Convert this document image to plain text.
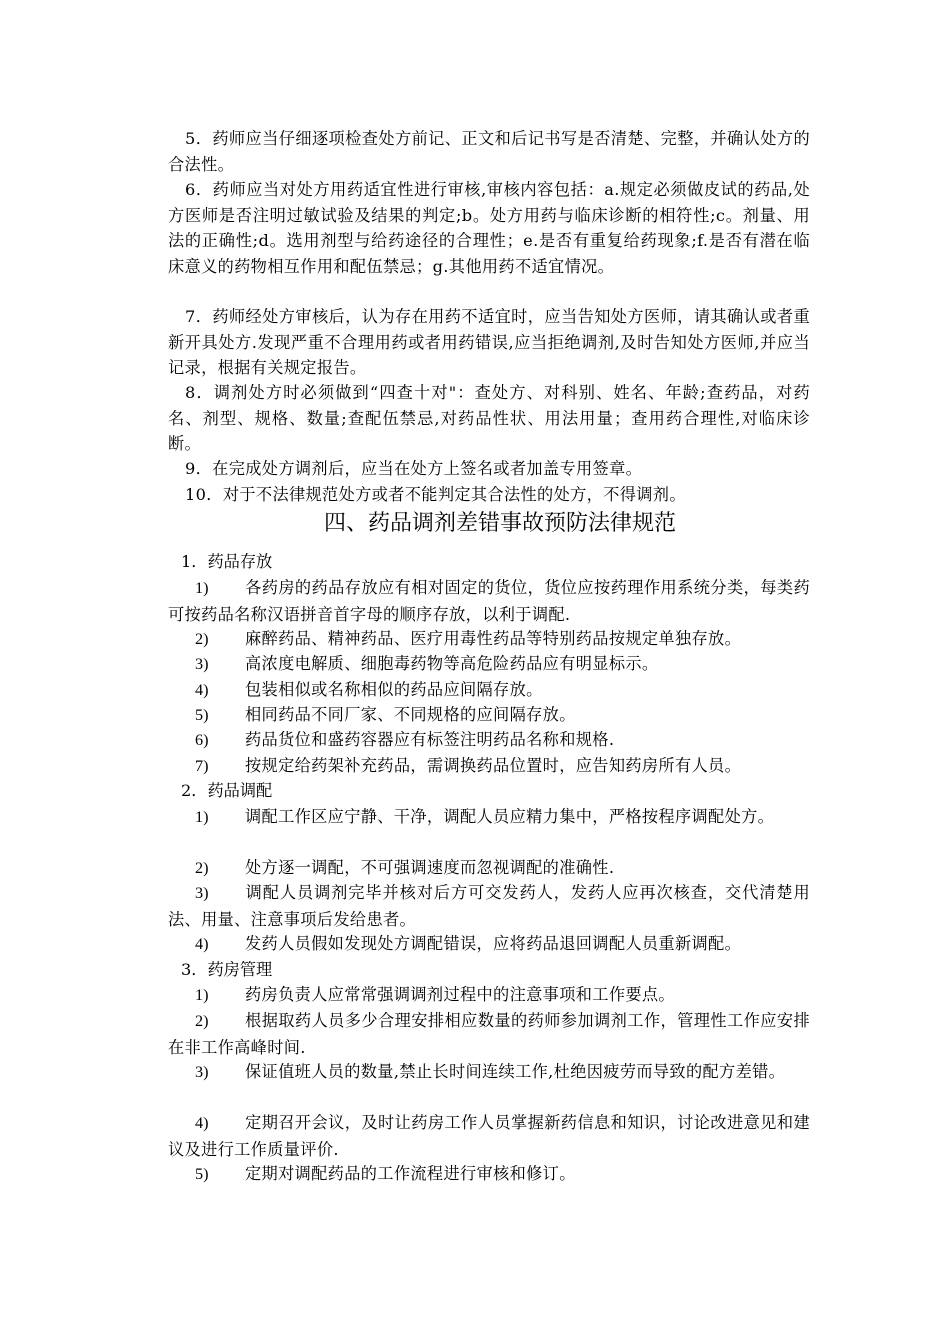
5．药师应当仔细逐项检查处方前记、正文和后记书写是否清楚、完整，并确认处方的合法性。

6．药师应当对处方用药适宜性进行审核,审核内容包括：a.规定必须做皮试的药品,处方医师是否注明过敏试验及结果的判定;b。处方用药与临床诊断的相符性;c。剂量、用法的正确性;d。选用剂型与给药途径的合理性；e.是否有重复给药现象;f.是否有潜在临床意义的药物相互作用和配伍禁忌；g.其他用药不适宜情况。

7．药师经处方审核后，认为存在用药不适宜时，应当告知处方医师，请其确认或者重新开具处方.发现严重不合理用药或者用药错误,应当拒绝调剂,及时告知处方医师,并应当记录，根据有关规定报告。

8．调剂处方时必须做到“四查十对"：查处方、对科别、姓名、年龄;查药品，对药名、剂型、规格、数量;查配伍禁忌,对药品性状、用法用量；查用药合理性,对临床诊断。

9．在完成处方调剂后，应当在处方上签名或者加盖专用签章。

10．对于不法律规范处方或者不能判定其合法性的处方，不得调剂。

四、药品调剂差错事故预防法律规范

1．药品存放

1) 各药房的药品存放应有相对固定的货位，货位应按药理作用系统分类，每类药可按药品名称汉语拼音首字母的顺序存放，以利于调配.

2) 麻醉药品、精神药品、医疗用毒性药品等特别药品按规定单独存放。

3) 高浓度电解质、细胞毒药物等高危险药品应有明显标示。

4) 包装相似或名称相似的药品应间隔存放。

5) 相同药品不同厂家、不同规格的应间隔存放。

6) 药品货位和盛药容器应有标签注明药品名称和规格.

7) 按规定给药架补充药品，需调换药品位置时，应告知药房所有人员。

2．药品调配

1) 调配工作区应宁静、干净，调配人员应精力集中，严格按程序调配处方。

2) 处方逐一调配，不可强调速度而忽视调配的准确性.

3) 调配人员调剂完毕并核对后方可交发药人，发药人应再次核查，交代清楚用法、用量、注意事项后发给患者。

4) 发药人员假如发现处方调配错误，应将药品退回调配人员重新调配。

3．药房管理

1) 药房负责人应常常强调调剂过程中的注意事项和工作要点。

2) 根据取药人员多少合理安排相应数量的药师参加调剂工作，管理性工作应安排在非工作高峰时间.

3) 保证值班人员的数量,禁止长时间连续工作,杜绝因疲劳而导致的配方差错。

4) 定期召开会议，及时让药房工作人员掌握新药信息和知识，讨论改进意见和建议及进行工作质量评价.

5) 定期对调配药品的工作流程进行审核和修订。
